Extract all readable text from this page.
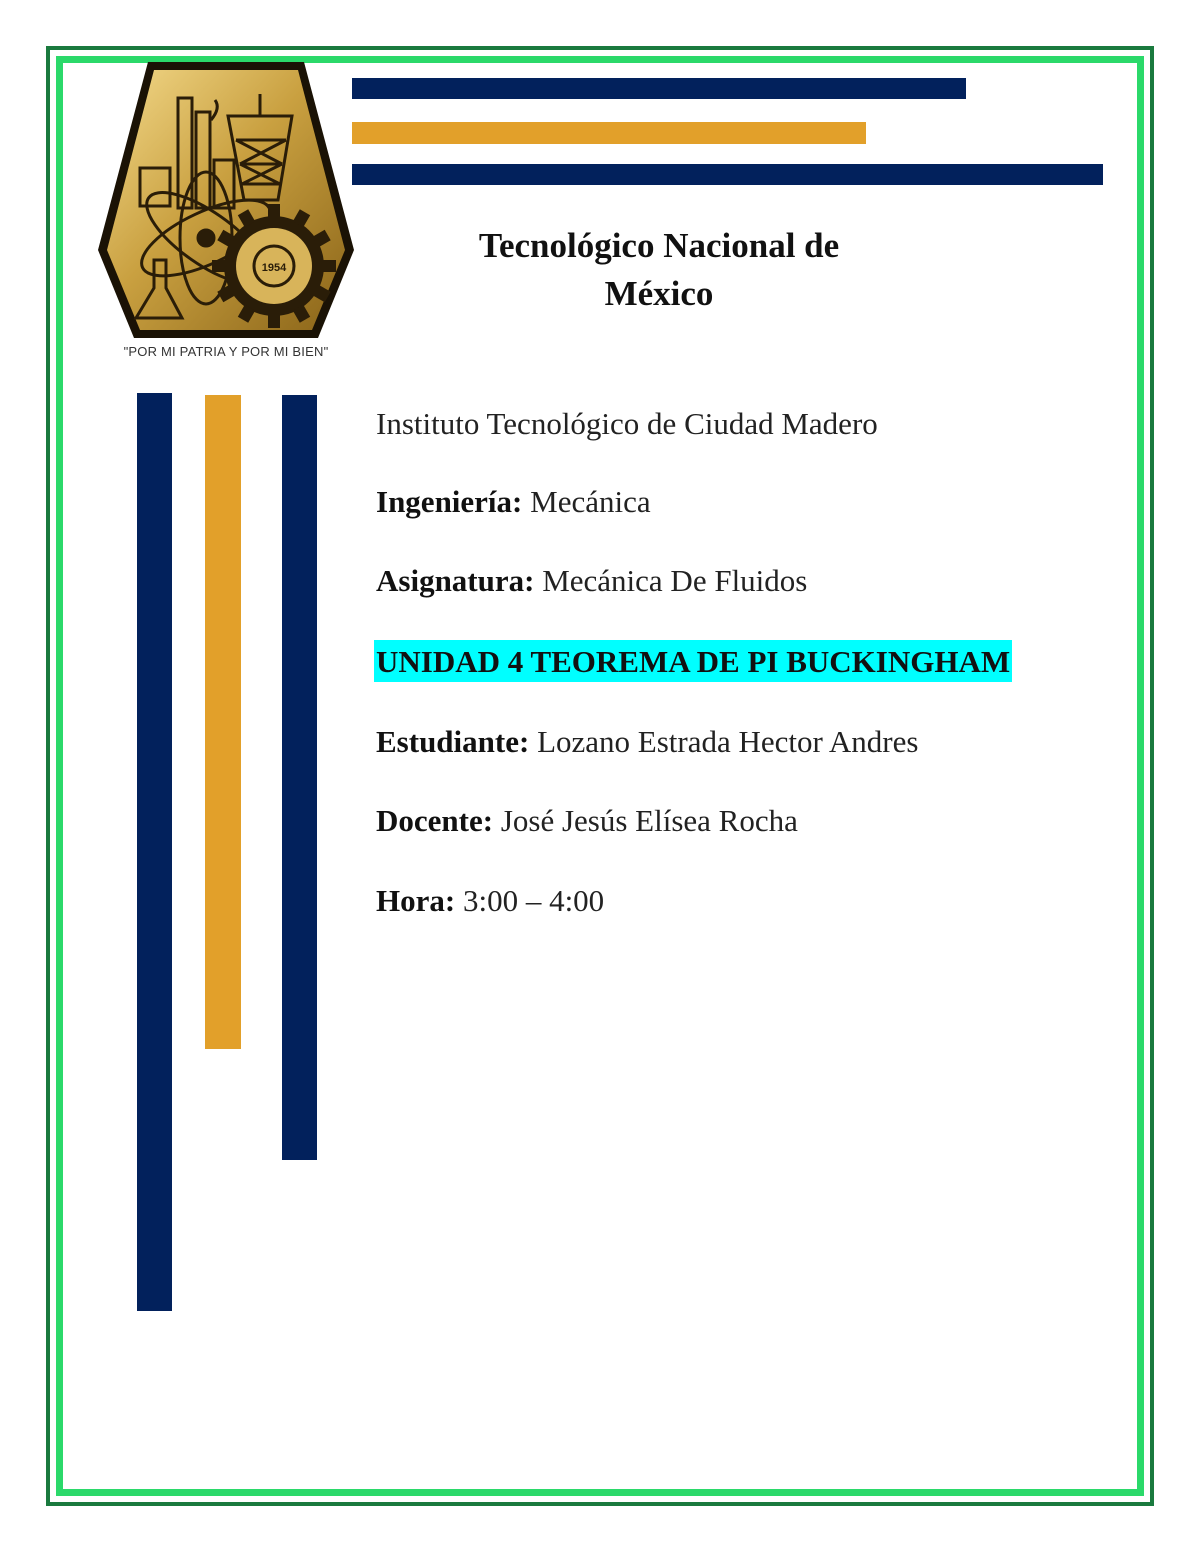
1954
"POR MI PATRIA Y POR MI BIEN"
Tecnológico Nacional de
México
Instituto Tecnológico de Ciudad Madero
Ingeniería: Mecánica
Asignatura: Mecánica De Fluidos
UNIDAD 4 TEOREMA DE PI BUCKINGHAM
Estudiante: Lozano Estrada Hector Andres
Docente: José Jesús Elísea Rocha
Hora: 3:00 – 4:00
